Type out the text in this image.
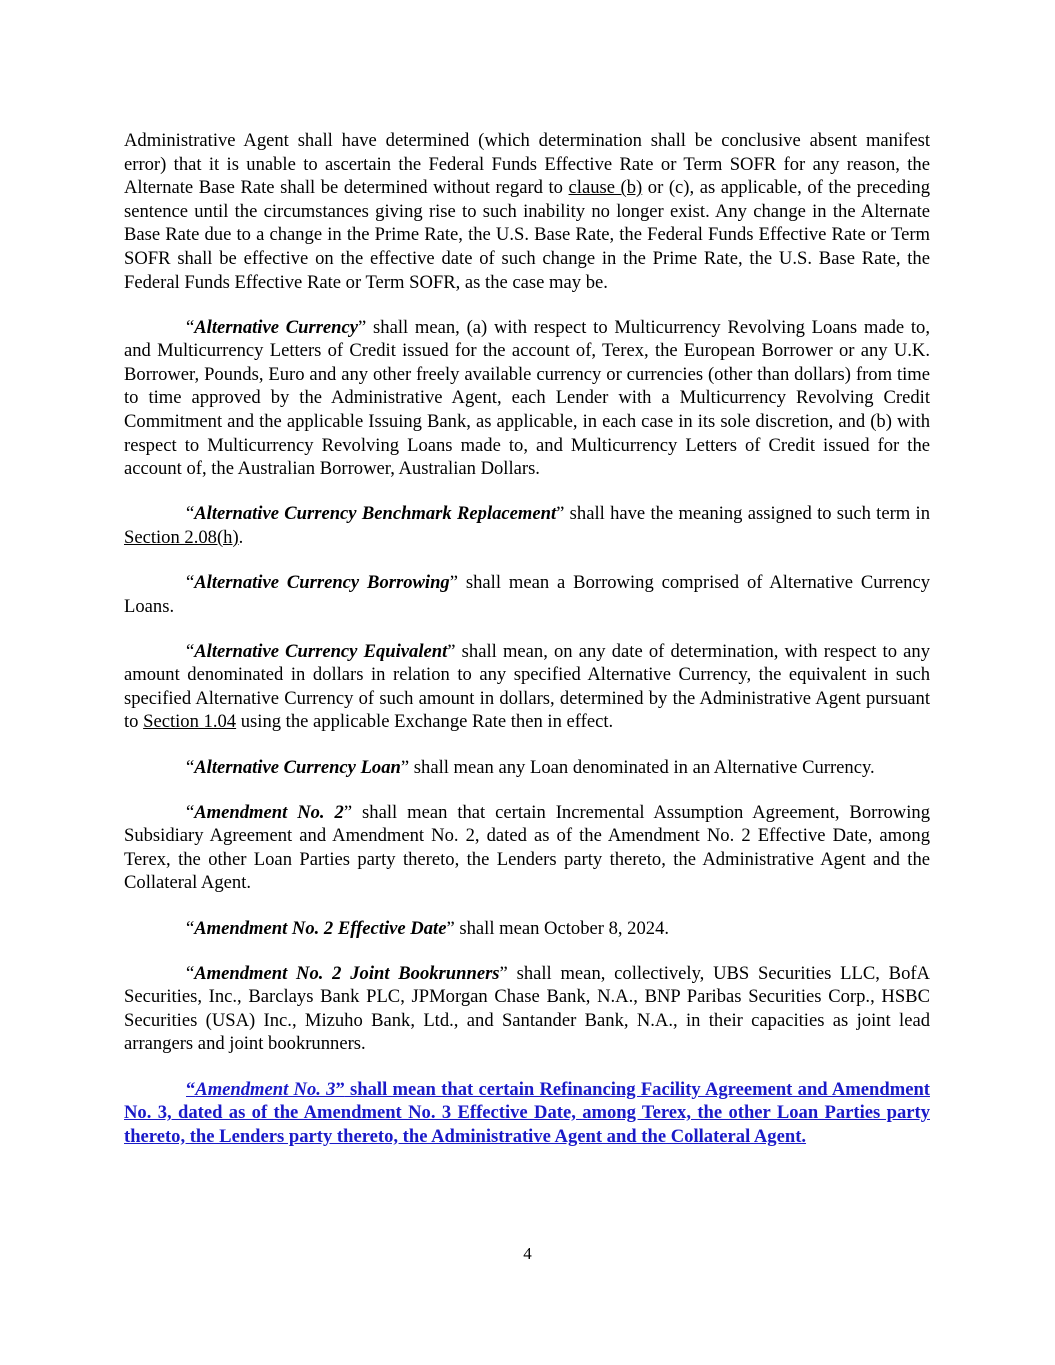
Administrative Agent shall have determined (which determination shall be conclusive absent manifest error) that it is unable to ascertain the Federal Funds Effective Rate or Term SOFR for any reason, the Alternate Base Rate shall be determined without regard to clause (b) or (c), as applicable, of the preceding sentence until the circumstances giving rise to such inability no longer exist. Any change in the Alternate Base Rate due to a change in the Prime Rate, the U.S. Base Rate, the Federal Funds Effective Rate or Term SOFR shall be effective on the effective date of such change in the Prime Rate, the U.S. Base Rate, the Federal Funds Effective Rate or Term SOFR, as the case may be.

“Alternative Currency” shall mean, (a) with respect to Multicurrency Revolving Loans made to, and Multicurrency Letters of Credit issued for the account of, Terex, the European Borrower or any U.K. Borrower, Pounds, Euro and any other freely available currency or currencies (other than dollars) from time to time approved by the Administrative Agent, each Lender with a Multicurrency Revolving Credit Commitment and the applicable Issuing Bank, as applicable, in each case in its sole discretion, and (b) with respect to Multicurrency Revolving Loans made to, and Multicurrency Letters of Credit issued for the account of, the Australian Borrower, Australian Dollars.

“Alternative Currency Benchmark Replacement” shall have the meaning assigned to such term in Section 2.08(h).

“Alternative Currency Borrowing” shall mean a Borrowing comprised of Alternative Currency Loans.

“Alternative Currency Equivalent” shall mean, on any date of determination, with respect to any amount denominated in dollars in relation to any specified Alternative Currency, the equivalent in such specified Alternative Currency of such amount in dollars, determined by the Administrative Agent pursuant to Section 1.04 using the applicable Exchange Rate then in effect.

“Alternative Currency Loan” shall mean any Loan denominated in an Alternative Currency.

“Amendment No. 2” shall mean that certain Incremental Assumption Agreement, Borrowing Subsidiary Agreement and Amendment No. 2, dated as of the Amendment No. 2 Effective Date, among Terex, the other Loan Parties party thereto, the Lenders party thereto, the Administrative Agent and the Collateral Agent.

“Amendment No. 2 Effective Date” shall mean October 8, 2024.

“Amendment No. 2 Joint Bookrunners” shall mean, collectively, UBS Securities LLC, BofA Securities, Inc., Barclays Bank PLC, JPMorgan Chase Bank, N.A., BNP Paribas Securities Corp., HSBC Securities (USA) Inc., Mizuho Bank, Ltd., and Santander Bank, N.A., in their capacities as joint lead arrangers and joint bookrunners.

“Amendment No. 3” shall mean that certain Refinancing Facility Agreement and Amendment No. 3, dated as of the Amendment No. 3 Effective Date, among Terex, the other Loan Parties party thereto, the Lenders party thereto, the Administrative Agent and the Collateral Agent.

4
